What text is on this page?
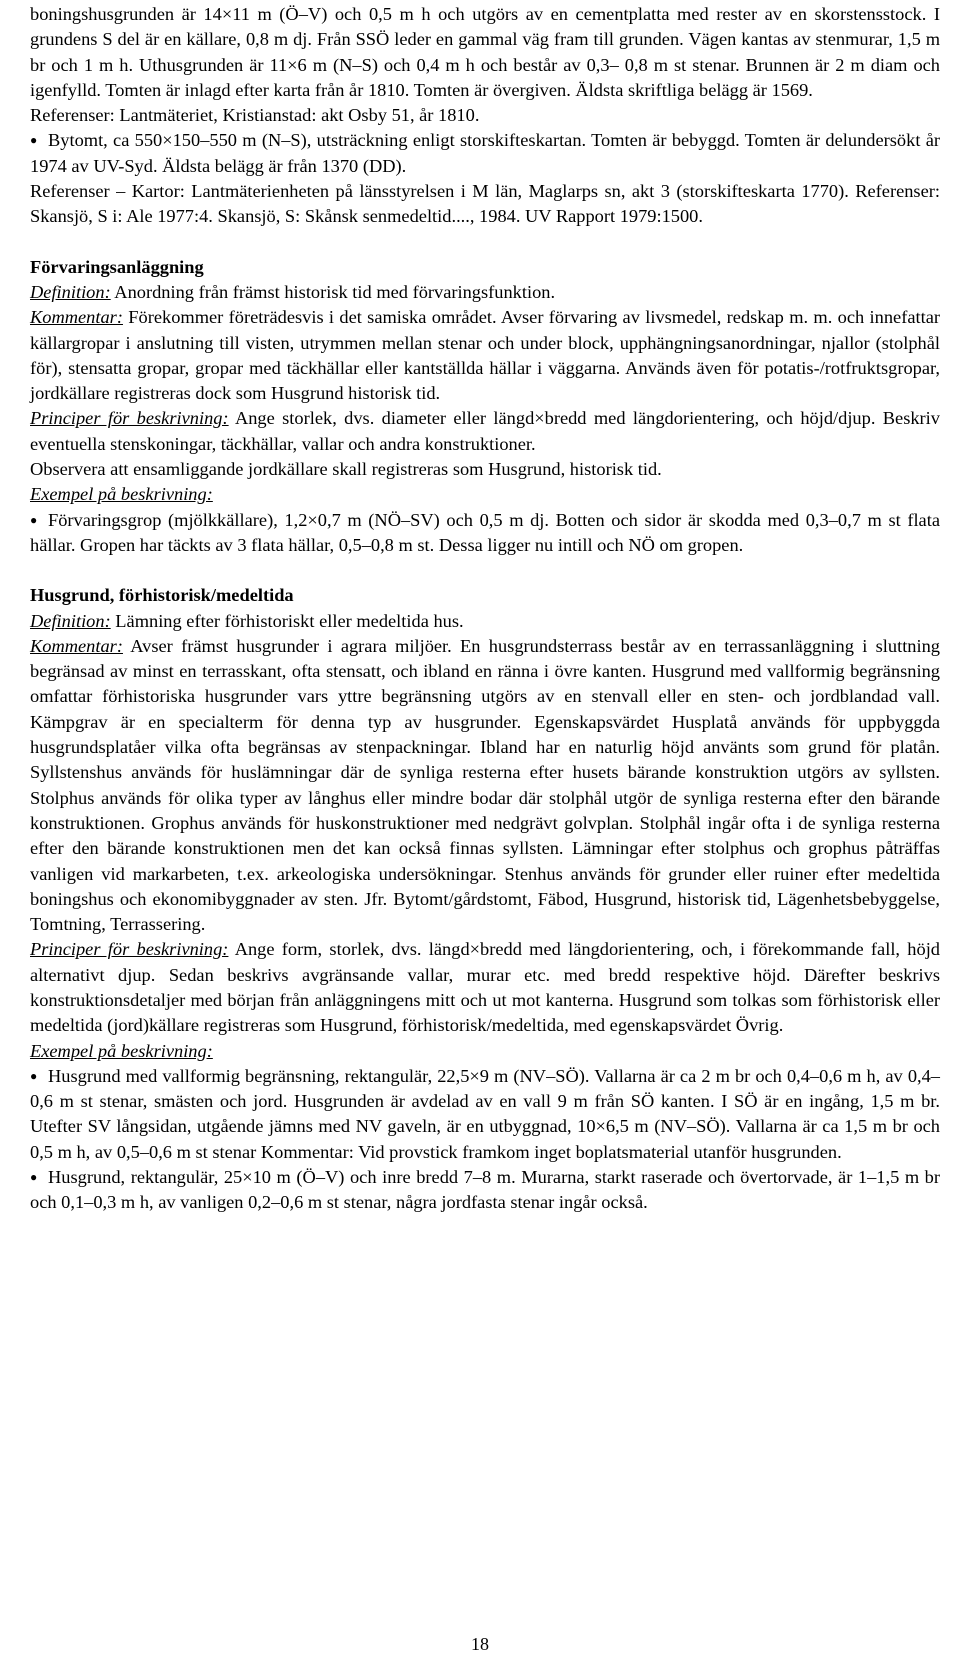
boningshusgrunden är 14×11 m (Ö–V) och 0,5 m h och utgörs av en cementplatta med rester av en skorstensstock. I grundens S del är en källare, 0,8 m dj. Från SSÖ leder en gammal väg fram till grunden. Vägen kantas av stenmurar, 1,5 m br och 1 m h. Uthusgrunden är 11×6 m (N–S) och 0,4 m h och består av 0,3– 0,8 m st stenar. Brunnen är 2 m diam och igenfylld. Tomten är inlagd efter karta från år 1810. Tomten är övergiven. Äldsta skriftliga belägg är 1569.

Referenser: Lantmäteriet, Kristianstad: akt Osby 51, år 1810.

● Bytomt, ca 550×150–550 m (N–S), utsträckning enligt storskifteskartan. Tomten är bebyggd. Tomten är delundersökt år 1974 av UV-Syd. Äldsta belägg är från 1370 (DD).

Referenser – Kartor: Lantmäterienheten på länsstyrelsen i M län, Maglarps sn, akt 3 (storskifteskarta 1770). Referenser: Skansjö, S i: Ale 1977:4. Skansjö, S: Skånsk senmedeltid...., 1984. UV Rapport 1979:1500.

Förvaringsanläggning

Definition: Anordning från främst historisk tid med förvaringsfunktion.

Kommentar: Förekommer företrädesvis i det samiska området. Avser förvaring av livsmedel, redskap m. m. och innefattar källargropar i anslutning till visten, utrymmen mellan stenar och under block, upphängningsanordningar, njallor (stolphål för), stensatta gropar, gropar med täckhällar eller kantställda hällar i väggarna. Används även för potatis-/rotfruktsgropar, jordkällare registreras dock som Husgrund historisk tid.

Principer för beskrivning: Ange storlek, dvs. diameter eller längd×bredd med längdorientering, och höjd/djup. Beskriv eventuella stenskoningar, täckhällar, vallar och andra konstruktioner.

Observera att ensamliggande jordkällare skall registreras som Husgrund, historisk tid.

Exempel på beskrivning:

● Förvaringsgrop (mjölkkällare), 1,2×0,7 m (NÖ–SV) och 0,5 m dj. Botten och sidor är skodda med 0,3–0,7 m st flata hällar. Gropen har täckts av 3 flata hällar, 0,5–0,8 m st. Dessa ligger nu intill och NÖ om gropen.

Husgrund, förhistorisk/medeltida

Definition: Lämning efter förhistoriskt eller medeltida hus.

Kommentar: Avser främst husgrunder i agrara miljöer. En husgrundsterrass består av en terrassanläggning i sluttning begränsad av minst en terrasskant, ofta stensatt, och ibland en ränna i övre kanten. Husgrund med vallformig begränsning omfattar förhistoriska husgrunder vars yttre begränsning utgörs av en stenvall eller en sten- och jordblandad vall. Kämpgrav är en specialterm för denna typ av husgrunder. Egenskapsvärdet Husplatå används för uppbyggda husgrundsplatåer vilka ofta begränsas av stenpackningar. Ibland har en naturlig höjd använts som grund för platån. Syllstenshus används för huslämningar där de synliga resterna efter husets bärande konstruktion utgörs av syllsten. Stolphus används för olika typer av långhus eller mindre bodar där stolphål utgör de synliga resterna efter den bärande konstruktionen. Grophus används för huskonstruktioner med nedgrävt golvplan. Stolphål ingår ofta i de synliga resterna efter den bärande konstruktionen men det kan också finnas syllsten. Lämningar efter stolphus och grophus påträffas vanligen vid markarbeten, t.ex. arkeologiska undersökningar. Stenhus används för grunder eller ruiner efter medeltida boningshus och ekonomibyggnader av sten. Jfr. Bytomt/gårdstomt, Fäbod, Husgrund, historisk tid, Lägenhetsbebyggelse, Tomtning, Terrassering.

Principer för beskrivning: Ange form, storlek, dvs. längd×bredd med längdorientering, och, i förekommande fall, höjd alternativt djup. Sedan beskrivs avgränsande vallar, murar etc. med bredd respektive höjd. Därefter beskrivs konstruktionsdetaljer med början från anläggningens mitt och ut mot kanterna. Husgrund som tolkas som förhistorisk eller medeltida (jord)källare registreras som Husgrund, förhistorisk/medeltida, med egenskapsvärdet Övrig.

Exempel på beskrivning:

● Husgrund med vallformig begränsning, rektangulär, 22,5×9 m (NV–SÖ). Vallarna är ca 2 m br och 0,4–0,6 m h, av 0,4–0,6 m st stenar, smästen och jord. Husgrunden är avdelad av en vall 9 m från SÖ kanten. I SÖ är en ingång, 1,5 m br. Utefter SV långsidan, utgående jämns med NV gaveln, är en utbyggnad, 10×6,5 m (NV–SÖ). Vallarna är ca 1,5 m br och 0,5 m h, av 0,5–0,6 m st stenar Kommentar: Vid provstick framkom inget boplatsmaterial utanför husgrunden.

● Husgrund, rektangulär, 25×10 m (Ö–V) och inre bredd 7–8 m. Murarna, starkt raserade och övertorvade, är 1–1,5 m br och 0,1–0,3 m h, av vanligen 0,2–0,6 m st stenar, några jordfasta stenar ingår också.

18
